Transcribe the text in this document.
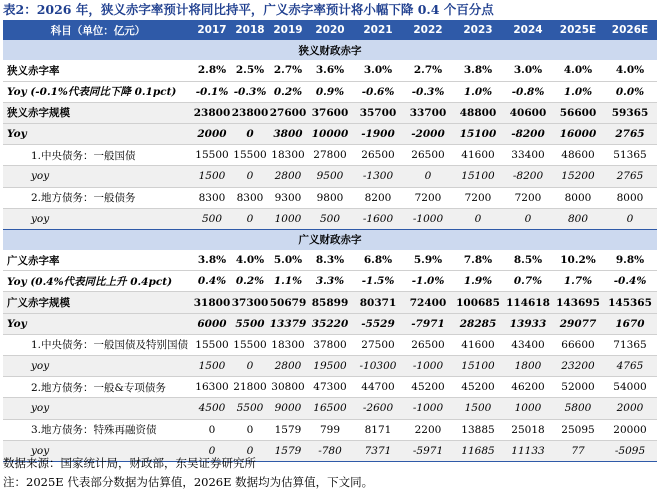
表2：2026 年，狭义赤字率预计将同比持平，广义赤字率预计将小幅下降 0.4 个百分点
科目（单位：亿元）	2017	2018	2019	2020	2021	2022	2023	2024	2025E	2026E
狭义财政赤字										
狭义赤字率	2.8%	2.5%	2.7%	3.6%	3.0%	2.7%	3.8%	3.0%	4.0%	4.0%
Yoy (-0.1%代表同比下降 0.1pct)	-0.1%	-0.3%	0.2%	0.9%	-0.6%	-0.3%	1.0%	-0.8%	1.0%	0.0%
狭义赤字规模	23800	23800	27600	37600	35700	33700	48800	40600	56600	59365
Yoy	2000	0	3800	10000	-1900	-2000	15100	-8200	16000	2765
1.中央债务：一般国债	15500	15500	18300	27800	26500	26500	41600	33400	48600	51365
yoy	1500	0	2800	9500	-1300	0	15100	-8200	15200	2765
2.地方债务：一般债务	8300	8300	9300	9800	8200	7200	7200	7200	8000	8000
yoy	500	0	1000	500	-1600	-1000	0	0	800	0
广义财政赤字										
广义赤字率	3.8%	4.0%	5.0%	8.3%	6.8%	5.9%	7.8%	8.5%	10.2%	9.8%
Yoy (0.4%代表同比上升 0.4pct)	0.4%	0.2%	1.1%	3.3%	-1.5%	-1.0%	1.9%	0.7%	1.7%	-0.4%
广义赤字规模	31800	37300	50679	85899	80371	72400	100685	114618	143695	145365
Yoy	6000	5500	13379	35220	-5529	-7971	28285	13933	29077	1670
1.中央债务：一般国债及特别国债	15500	15500	18300	37800	27500	26500	41600	43400	66600	71365
yoy	1500	0	2800	19500	-10300	-1000	15100	1800	23200	4765
2.地方债务：一般&专项债务	16300	21800	30800	47300	44700	45200	45200	46200	52000	54000
yoy	4500	5500	9000	16500	-2600	-1000	1500	1000	5800	2000
3.地方债务：特殊再融资债	0	0	1579	799	8171	2200	13885	25018	25095	20000
yoy	0	0	1579	-780	7371	-5971	11685	11133	77	-5095
数据来源：国家统计局，财政部，东吴证券研究所
注：2025E 代表部分数据为估算值，2026E 数据均为估算值，下文同。
